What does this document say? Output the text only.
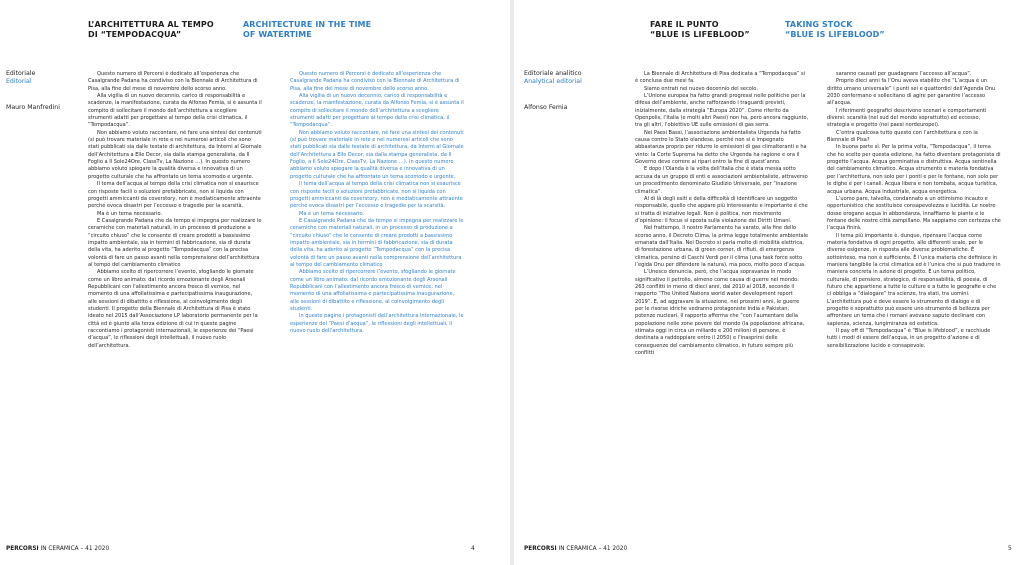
L’ARCHITETTURA AL TEMPO
DI “TEMPODACQUA”
ARCHITECTURE IN THE TIME
OF WATERTIME
Editoriale
Editorial
Mauro Manfredini

Questo numero di Percorsi è dedicato all’esperienza che Casalgrande Padana ha condiviso con la Biennale di Architettura di Pisa, alla fine del mese di novembre dello scorso anno.

Alla vigilia di un nuovo decennio, carico di responsabilità e scadenze, la manifestazione, curata da Alfonso Femia, si è assunta il compito di sollecitare il mondo dell’architettura a scegliere strumenti adatti per progettare al tempo della crisi climatica, il “Tempodacqua”.

Non abbiamo voluto raccontare, né fare una sintesi dei contenuti (si può trovare materiale in rete e nei numerosi articoli che sono stati pubblicati sia dalle testate di architettura, da Interni al Giornale dell’Architettura a Elle Decor, sia dalla stampa generalista, da Il Foglio a Il Sole24Ore, ClassTv, La Nazione …). In questo numero abbiamo voluto spiegare la qualità diversa e innovativa di un progetto culturale che ha affrontato un tema scomodo e urgente.

Il tema dell’acqua al tempo della crisi climatica non si esaurisce con risposte facili o soluzioni prefabbricate, non si liquida con progetti ammiccanti da coverstory, non è mediaticamente attraente perché evoca disastri per l’eccesso e tragedie per la scarsità.

Ma è un tema necessario.

E Casalgrande Padana che da tempo si impegna per realizzare le ceramiche con materiali naturali, in un processo di produzione a “circuito chiuso” che le consente di creare prodotti a bassissimo impatto ambientale, sia in termini di fabbricazione, sia di durata della vita, ha aderito al progetto “Tempodacqua” con la precisa volontà di fare un passo avanti nella comprensione dell’architettura al tempo del cambiamento climatico

Abbiamo scelto di ripercorrere l’evento, sfogliando le giornate come un libro animato: dal ricordo emozionante degli Arsenali Repubblicani con l’allestimento ancora fresco di vernice, nel momento di una affollatissima e partecipatissima inaugurazione, alle sessioni di dibattito e riflessione, al coinvolgimento degli studenti. Il progetto della Biennale di Architettura di Pisa è stato ideato nel 2015 dall’Associazione LP laboratorio permanente per la città ed è giunto alla terza edizione di cui in queste pagine raccontiamo i protagonisti internazionali, le esperienze dei “Paesi d’acqua”, le riflessioni degli intellettuali, il nuovo ruolo dell’architettura.

Questo numero di Percorsi è dedicato all’esperienza che Casalgrande Padana ha condiviso con la Biennale di Architettura di Pisa, alla fine del mese di novembre dello scorso anno.

Alla vigilia di un nuovo decennio, carico di responsabilità e scadenze, la manifestazione, curata da Alfonso Femia, si è assunta il compito di sollecitare il mondo dell’architettura a scegliere strumenti adatti per progettare al tempo della crisi climatica, il “Tempodacqua”.

Non abbiamo voluto raccontare, né fare una sintesi dei contenuti (si può trovare materiale in rete e nei numerosi articoli che sono stati pubblicati sia dalle testate di architettura, da Interni al Giornale dell’Architettura a Elle Decor, sia dalla stampa generalista, da Il Foglio, a Il Sole24Ore, ClassTv, La Nazione …). In questo numero abbiamo voluto spiegare la qualità diversa e innovativa di un progetto culturale che ha affrontato un tema scomodo e urgente.

Il tema dell’acqua al tempo della crisi climatica non si esaurisce con risposte facili o soluzioni prefabbricate, non si liquida con progetti ammiccanti da coverstory, non è mediaticamente attraente perché evoca disastri per l’eccesso e tragedie per la scarsità.

Ma è un tema necessario.

E Casalgrande Padana che da tempo si impegna per realizzare le ceramiche con materiali naturali, in un processo di produzione a “circuito chiuso” che le consente di creare prodotti a bassissimo impatto ambientale, sia in termini di fabbricazione, sia di durata della vita, ha aderito al progetto “Tempodacqua” con la precisa volontà di fare un passo avanti nella comprensione dell’architettura al tempo del cambiamento climatico

Abbiamo scelto di ripercorrere l’evento, sfogliando le giornate come un libro animato: dal ricordo emozionante degli Arsenali Repubblicani con l’allestimento ancora fresco di vernice, nel momento di una affollatissima e partecipatissima inaugurazione, alle sessioni di dibattito e riflessione, al coinvolgimento degli studenti.

In queste pagine i protagonisti dell’architettura internazionale, le esperienze dei “Paesi d’acqua”, le riflessioni degli intellettuali, il nuovo ruolo dell’architettura.

PERCORSI IN CERAMICA – 41 2020	4
FARE IL PUNTO
“BLUE IS LIFEBLOOD”
TAKING STOCK
“BLUE IS LIFEBLOOD”
Editoriale analitico
Analytical editorial
Alfonso Femia

La Biennale di Architettura di Pisa dedicata a “Tempodacqua” si è conclusa due mesi fa.

Siamo entrati nel nuovo decennio del secolo.

L’Unione europea ha fatto grandi progressi nelle politiche per la difesa dell’ambiente, anche rafforzando i traguardi previsti, inizialmente, dalla strategia “Europa 2020”. Come riferito da Openpolis, l’Italia (e molti altri Paesi) non ha, però ancora raggiunto, tra gli altri, l’obiettivo UE sulle emissioni di gas serra.

Nei Paesi Bassi, l’associazione ambientalista Urgenda ha fatto causa contro lo Stato olandese, perché non si è impegnato abbastanza proprio per ridurre le emissioni di gas climalteranti e ha vinto: la Corte Suprema ha detto che Urgenda ha ragione e ora il Governo deve correre ai ripari entro la fine di quest’anno.

E dopo l’Olanda è la volta dell’Italia che è stata messa sotto accusa da un gruppo di enti e associazioni ambientaliste, attraverso un procedimento denominato Giudizio Universale, per “inazione climatica”.

Al di là degli esiti e della difficoltà di identificare un soggetto responsabile, quello che appare più interessante e importante è che si tratta di iniziative legali. Non è politica, non movimento d’opinione: il focus si sposta sulla violazione dei Diritti Umani.

Nel frattempo, il nostro Parlamento ha varato, alla fine dello scorso anno, il Decreto Clima, la prima legge totalmente ambientale emanata dall’Italia. Nel Decreto si parla molto di mobilità elettrica, di forestazione urbana, di green corner, di rifiuti, di emergenza climatica, persino di Caschi Verdi per il clima (una task force sotto l’egida Onu per difendere la natura), ma poco, molto poco d’acqua.

L’Unesco denuncia, però, che l’acqua sopravanza in modo significativo il petrolio, almeno come causa di guerre nel mondo: 263 conflitti in meno di dieci anni, dal 2010 al 2018, secondo il rapporto “The United Nations world water development report 2019”. E, ad aggravare la situazione, nei prossimi anni, le guerre per le risorse idriche vedranno protagoniste India e Pakistan, potenze nucleari. Il rapporto afferma che “con l’aumentare della popolazione nelle zone povere del mondo (la popolazione africana, stimata oggi in circa un miliardo e 200 milioni di persone, è destinata a raddoppiare entro il 2050) e l’inasprirsi delle conseguenze del cambiamento climatico, in futuro sempre più conflitti

saranno causati per guadagnare l’accesso all’acqua”.

Proprio dieci anni fa l’Onu aveva stabilito che “L’acqua è un diritto umano universale” i punti sei e quattordici dell’Agenda Onu 2030 confermano e sollecitano di agire per garantire l’accesso all’acqua.

I riferimenti geografici descrivono scenari e comportamenti diversi: scarsità (nel sud del mondo soprattutto) ed eccesso, strategia e progetto (nei paesi nordeuropei).

C’entra qualcosa tutto questo con l’architettura e con la Biennale di Pisa?

In buona parte sì. Per la prima volta, “Tempodacqua”, il tema che ho scelto per questa edizione, ha fatto diventare protagonista di progetto l’acqua. Acqua germinativa e distruttiva. Acqua sentinella del cambiamento climatico. Acqua strumento e materia fondativa per l’architettura, non solo per i ponti e per le fontane, non solo per le dighe e per i canali. Acqua libera e non tombata, acqua turistica, acqua urbana. Acqua industriale, acqua energetica.

L’uomo pare, talvolta, condannato a un ottimismo incauto e opportunistico che sostituisce consapevolezza e lucidità. Le nostre dosse erogano acqua in abbondanza, innaffiamo le piante e le fontane delle nostre città zampillano. Ma sappiamo con certezza che l’acqua finirà.

Il tema più importante è, dunque, ripensare l’acqua come materia fondativa di ogni progetto, alle differenti scale, per le diverse esigenze, in risposta alle diverse problematiche. È sottointeso, ma non è sufficiente. È l’unica materia che definisce in maniera tangibile la crisi climatica ed è l’unica che si può tradurre in maniera concreta in azione di progetto. È un tema politico, culturale, di pensiero, strategico, di responsabilità, di poesia, di futuro che appartiene a tutte le culture e a tutte le geografie e che ci obbliga a “dialogare” tra scienze, tra stati, tra uomini. L’architettura può e deve essere lo strumento di dialogo e di progetto e soprattutto può essere uno strumento di bellezza per affrontare un tema che i romani avevano saputo declinare con sapienza, scienza, lungimiranza ed estetica.

Il pay off di “Tempodacqua” è “Blue is lifeblood”, e racchiude tutti i modi di essere dell’acqua, in un progetto d’azione e di sensibilizzazione lucido e consapevole.

PERCORSI IN CERAMICA – 41 2020	5
